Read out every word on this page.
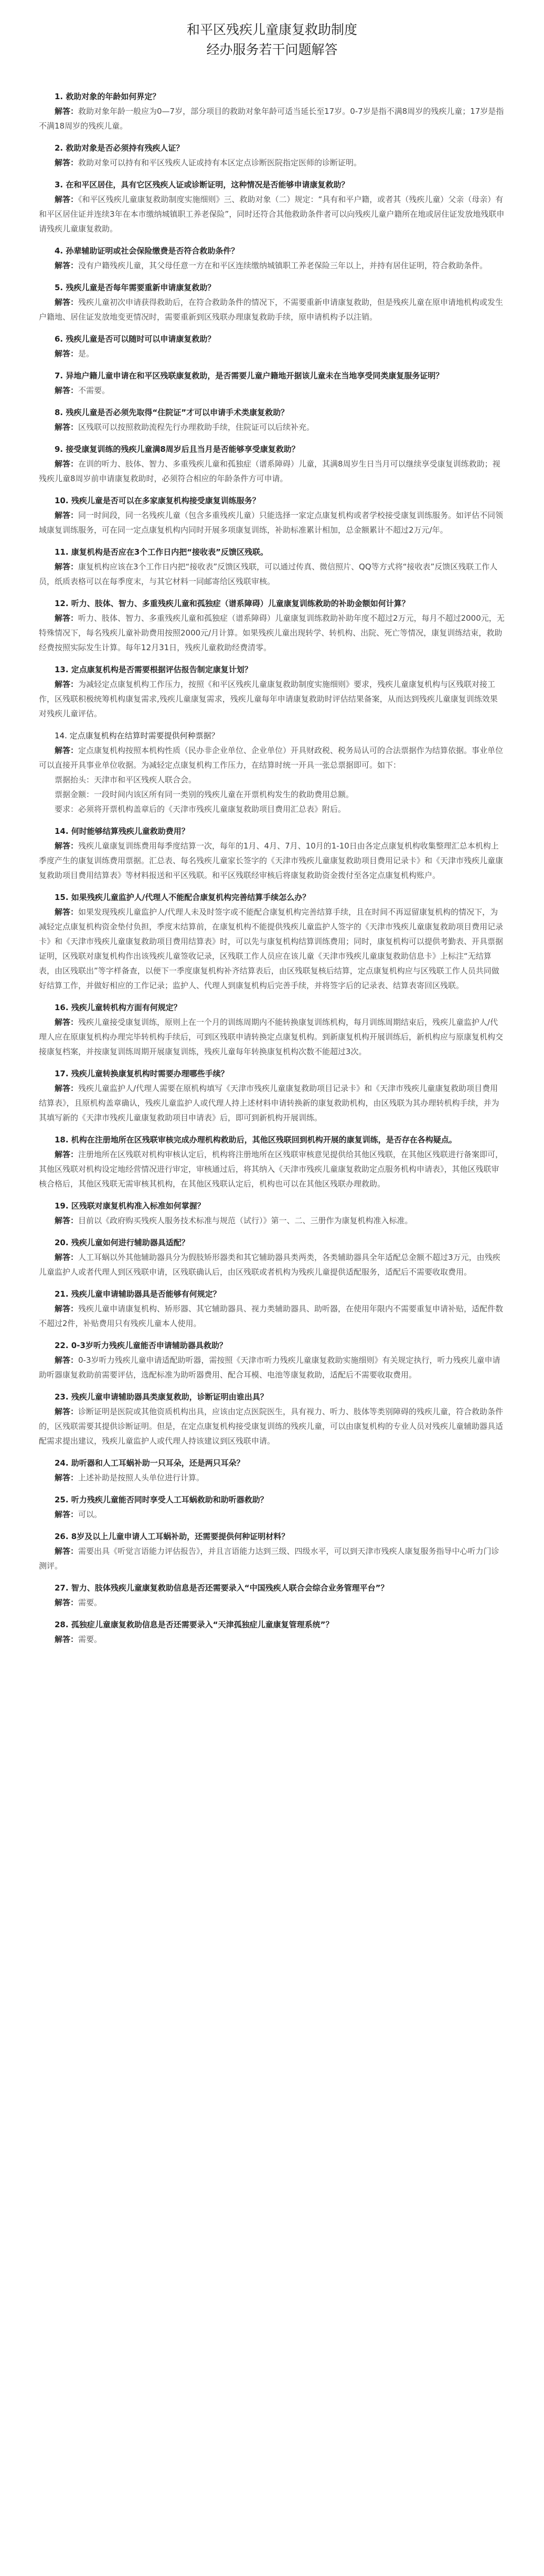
和平区残疾儿童康复救助制度
经办服务若干问题解答

1. 救助对象的年龄如何界定？

解答：救助对象年龄一般应为0—7岁，部分项目的救助对象年龄可适当延长至17岁。0-7岁是指不满8周岁的残疾儿童；17岁是指不满18周岁的残疾儿童。

2. 救助对象是否必须持有残疾人证？

解答：救助对象可以持有和平区残疾人证或持有本区定点诊断医院指定医师的诊断证明。

3. 在和平区居住，具有它区残疾人证或诊断证明，这种情况是否能够申请康复救助？

解答：《和平区残疾儿童康复救助制度实施细则》三、救助对象（二）规定：“具有和平户籍，或者其（残疾儿童）父亲（母亲）有和平区居住证并连续3年在本市缴纳城镇职工养老保险”，同时还符合其他救助条件者可以向残疾儿童户籍所在地或居住证发放地残联申请残疾儿童康复救助。

4. 孙辈辅助证明或社会保险缴费是否符合救助条件？

解答：没有户籍残疾儿童，其父母任意一方在和平区连续缴纳城镇职工养老保险三年以上，并持有居住证明，符合救助条件。

5. 残疾儿童是否每年需要重新申请康复救助？

解答：残疾儿童初次申请获得救助后，在符合救助条件的情况下，不需要重新申请康复救助，但是残疾儿童在原申请地机构或发生户籍地、居住证发放地变更情况时，需要重新到区残联办理康复救助手续，原申请机构予以注销。

6. 残疾儿童是否可以随时可以申请康复救助？

解答：是。

7. 异地户籍儿童申请在和平区残联康复救助，是否需要儿童户籍地开据该儿童未在当地享受同类康复服务证明？

解答：不需要。

8. 残疾儿童是否必须先取得“住院证”才可以申请手术类康复救助？

解答：区残联可以按照救助流程先行办理救助手续，住院证可以后续补充。

9. 接受康复训练的残疾儿童满8周岁后且当月是否能够享受康复救助？

解答：在训的听力、肢体、智力、多重残疾儿童和孤独症（谱系障碍）儿童，其满8周岁生日当月可以继续享受康复训练救助；视残疾儿童8周岁前申请康复救助时，必须符合相应的年龄条件方可申请。

10. 残疾儿童是否可以在多家康复机构接受康复训练服务？

解答：同一时间段，同一名残疾儿童（包含多重残疾儿童）只能选择一家定点康复机构或者学校接受康复训练服务。如评估不同领域康复训练服务，可在同一定点康复机构内同时开展多项康复训练，补助标准累计相加，总金额累计不超过2万元/年。

11. 康复机构是否应在3个工作日内把“接收表”反馈区残联。

解答：康复机构应该在3个工作日内把“接收表”反馈区残联，可以通过传真、微信照片、QQ等方式将“接收表”反馈区残联工作人员，纸质表格可以在每季度末，与其它材料一同邮寄给区残联审核。

12. 听力、肢体、智力、多重残疾儿童和孤独症（谱系障碍）儿童康复训练救助的补助金额如何计算？

解答：听力、肢体、智力、多重残疾儿童和孤独症（谱系障碍）儿童康复训练救助补助年度不超过2万元，每月不超过2000元，无特殊情况下，每名残疾儿童补助费用按照2000元/月计算。如果残疾儿童出现转学、转机构、出院、死亡等情况，康复训练结束，救助经费按照实际发生计算。每年12月31日，残疾儿童救助经费清零。

13. 定点康复机构是否需要根据评估报告制定康复计划？

解答：为减轻定点康复机构工作压力，按照《和平区残疾儿童康复救助制度实施细则》要求，残疾儿童康复机构与区残联对接工作，区残联积极统筹机构康复需求,残疾儿童康复需求，残疾儿童每年申请康复救助时评估结果备案，从而达到残疾儿童康复训练效果对残疾儿童评估。

14. 定点康复机构在结算时需要提供何种票据？

解答：定点康复机构按照本机构性质（民办非企业单位、企业单位）开具财政税、税务局认可的合法票据作为结算依据。事业单位可以直接开具事业单位收据。为减轻定点康复机构工作压力，在结算时统一开具一张总票据即可。如下：

票据抬头：天津市和平区残疾人联合会。

票据金额：一段时间内该区所有同一类别的残疾儿童在开票机构发生的救助费用总额。

要求：必须将开票机构盖章后的《天津市残疾儿童康复救助项目费用汇总表》附后。

14. 何时能够结算残疾儿童救助费用？

解答：残疾儿童康复训练费用每季度结算一次，每年的1月、4月、7月、10月的1-10日由各定点康复机构收集整理汇总本机构上季度产生的康复训练费用票据。汇总表、每名残疾儿童家长签字的《天津市残疾儿童康复救助项目费用记录卡》和《天津市残疾儿童康复救助项目费用结算表》等材料报送和平区残联。和平区残联经审核后将康复救助资金拨付至各定点康复机构账户。

15. 如果残疾儿童监护人/代理人不能配合康复机构完善结算手续怎么办？

解答：如果发现残疾儿童监护人/代理人未及时签字或不能配合康复机构完善结算手续，且在时间不再逗留康复机构的情况下，为减轻定点康复机构资金垫付负担，季度末结算前，在康复机构不能提供残疾儿童监护人签字的《天津市残疾儿童康复救助项目费用记录卡》和《天津市残疾儿童康复救助项目费用结算表》时，可以先与康复机构结算训练费用；同时，康复机构可以提供考勤表、开具票据证明，区残联对康复机构作出该残疾儿童签收记录，区残联工作人员应在该儿童《天津市残疾儿童康复救助信息卡》上标注“无结算表，由区残联出”等字样备查，以便下一季度康复机构补齐结算表后，由区残联复核后结算，定点康复机构应与区残联工作人员共同做好结算工作，并做好相应的工作记录；监护人、代理人到康复机构后完善手续，并将签字后的记录表、结算表寄回区残联。

16. 残疾儿童转机构方面有何规定？

解答：残疾儿童接受康复训练，原则上在一个月的训练周期内不能转换康复训练机构，每月训练周期结束后，残疾儿童监护人/代理人应在原康复机构办理完毕转机构手续后，可到区残联申请转换定点康复机构。到新康复机构开展训练后，新机构应与原康复机构交接康复档案，并按康复训练周期开展康复训练，残疾儿童每年转换康复机构次数不能超过3次。

17. 残疾儿童转换康复机构时需要办理哪些手续？

解答：残疾儿童监护人/代理人需要在原机构填写《天津市残疾儿童康复救助项目记录卡》和《天津市残疾儿童康复救助项目费用结算表》，且原机构盖章确认，残疾儿童监护人或代理人持上述材料申请转换新的康复救助机构，由区残联为其办理转机构手续，并为其填写新的《天津市残疾儿童康复救助项目申请表》后，即可到新机构开展训练。

18. 机构在注册地所在区残联审核完成办理机构救助后，其他区残联回到机构开展的康复训练，是否存在各构疑点。

解答：注册地所在区残联对机构审核认定后，机构将注册地所在区残联审核意见提供给其他区残联，在其他区残联进行备案即可，其他区残联对机构设定地经营情况进行审定，审核通过后，将其纳入《天津市残疾儿童康复救助定点服务机构申请表》，其他区残联审核合格后，其他区残联无需审核其机构，在其他区残联认定后，机构也可以在其他区残联办理救助。

19. 区残联对康复机构准入标准如何掌握？

解答：目前以《政府购买残疾人服务技术标准与规范（试行）》第一、二、三册作为康复机构准入标准。

20. 残疾儿童如何进行辅助器具适配？

解答：人工耳蜗以外其他辅助器具分为假肢矫形器类和其它辅助器具类两类，各类辅助器具全年适配总金额不超过3万元，由残疾儿童监护人或者代理人到区残联申请，区残联确认后，由区残联或者机构为残疾儿童提供适配服务，适配后不需要收取费用。

21. 残疾儿童申请辅助器具是否能够有何规定？

解答：残疾儿童申请康复机构、矫形器、其它辅助器具、视力类辅助器具、助听器，在使用年限内不需要重复申请补贴，适配件数不超过2件，补贴费用只有残疾儿童本人使用。

22. 0-3岁听力残疾儿童能否申请辅助器具救助？

解答：0-3岁听力残疾儿童申请适配助听器，需按照《天津市听力残疾儿童康复救助实施细则》有关规定执行，听力残疾儿童申请助听器康复救助前需要评估，选配标准为助听器费用、配合耳模、电池等康复救助，适配后不需要收取费用。

23. 残疾儿童申请辅助器具类康复救助，诊断证明由谁出具？

解答：诊断证明是医院或其他资质机构出具，应该由定点医院医生，具有视力、听力、肢体等类别障碍的残疾儿童，符合救助条件的，区残联需要其提供诊断证明。但是，在定点康复机构接受康复训练的残疾儿童，可以由康复机构的专业人员对残疾儿童辅助器具适配需求提出建议，残疾儿童监护人或代理人持该建议到区残联申请。

24. 助听器和人工耳蜗补助一只耳朵，还是两只耳朵？

解答：上述补助是按照人头单位进行计算。

25. 听力残疾儿童能否同时享受人工耳蜗救助和助听器救助？

解答：可以。

26. 8岁及以上儿童申请人工耳蜗补助，还需要提供何种证明材料？

解答：需要出具《听觉言语能力评估报告》，并且言语能力达到三级、四级水平，可以到天津市残疾人康复服务指导中心听力门诊测评。

27. 智力、肢体残疾儿童康复救助信息是否还需要录入“中国残疾人联合会综合业务管理平台”？

解答：需要。

28. 孤独症儿童康复救助信息是否还需要录入“天津孤独症儿童康复管理系统”？

解答：需要。
